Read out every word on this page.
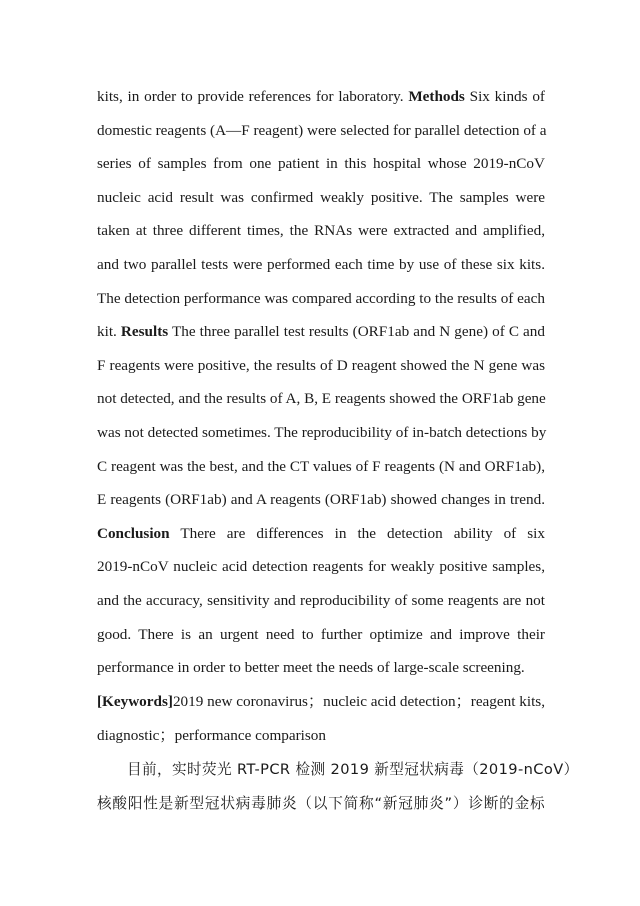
kits, in order to provide references for laboratory. Methods Six kinds of
domestic reagents (A—F reagent) were selected for parallel detection of a
series of samples from one patient in this hospital whose 2019-nCoV
nucleic acid result was confirmed weakly positive. The samples were
taken at three different times, the RNAs were extracted and amplified,
and two parallel tests were performed each time by use of these six kits.
The detection performance was compared according to the results of each
kit. Results The three parallel test results (ORF1ab and N gene) of C and
F reagents were positive, the results of D reagent showed the N gene was
not detected, and the results of A, B, E reagents showed the ORF1ab gene
was not detected sometimes. The reproducibility of in-batch detections by
C reagent was the best, and the CT values of F reagents (N and ORF1ab),
E reagents (ORF1ab) and A reagents (ORF1ab) showed changes in trend.
Conclusion There are differences in the detection ability of six
2019-nCoV nucleic acid detection reagents for weakly positive samples,
and the accuracy, sensitivity and reproducibility of some reagents are not
good. There is an urgent need to further optimize and improve their
performance in order to better meet the needs of large-scale screening.
[Keywords]2019 new coronavirus；nucleic acid detection；reagent kits,
diagnostic；performance comparison
目前，实时荧光 RT-PCR 检测 2019 新型冠状病毒（2019-nCoV）
核酸阳性是新型冠状病毒肺炎（以下简称“新冠肺炎”）诊断的金标
